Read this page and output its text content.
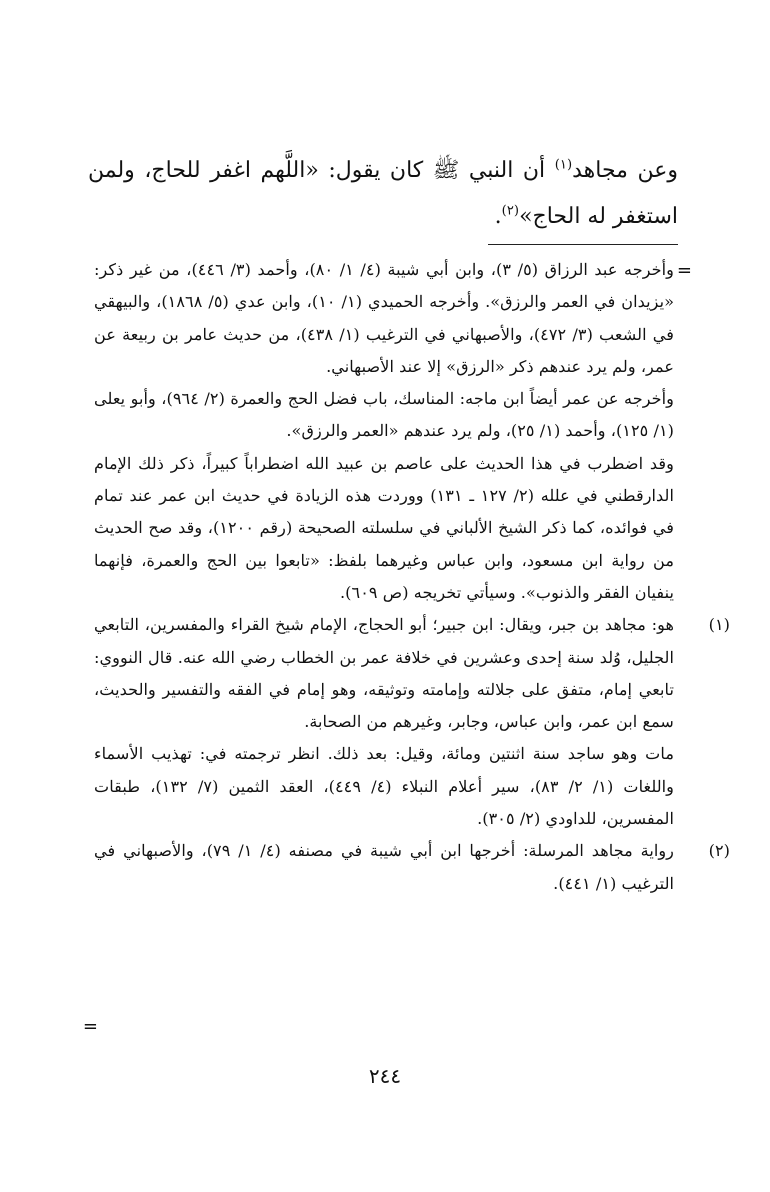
وعن مجاهد$^{(١)}$ أن النبي ﷺ كان يقول: «اللَّهم اغفر للحاج، ولمن استغفر له الحاج»$^{(٢)}$.

=

وأخرجه عبد الرزاق (٥/ ٣)، وابن أبي شيبة (٤/ ١/ ٨٠)، وأحمد (٣/ ٤٤٦)، من غير ذكر: «يزيدان في العمر والرزق». وأخرجه الحميدي (١/ ١٠)، وابن عدي (٥/ ١٨٦٨)، والبيهقي في الشعب (٣/ ٤٧٢)، والأصبهاني في الترغيب (١/ ٤٣٨)، من حديث عامر بن ربيعة عن عمر، ولم يرد عندهم ذكر «الرزق» إلا عند الأصبهاني.

وأخرجه عن عمر أيضاً ابن ماجه: المناسك، باب فضل الحج والعمرة (٢/ ٩٦٤)، وأبو يعلى (١/ ١٢٥)، وأحمد (١/ ٢٥)، ولم يرد عندهم «العمر والرزق».

وقد اضطرب في هذا الحديث على عاصم بن عبيد الله اضطراباً كبيراً، ذكر ذلك الإمام الدارقطني في علله (٢/ ١٢٧ ـ ١٣١) ووردت هذه الزيادة في حديث ابن عمر عند تمام في فوائده، كما ذكر الشيخ الألباني في سلسلته الصحيحة (رقم ١٢٠٠)، وقد صح الحديث من رواية ابن مسعود، وابن عباس وغيرهما بلفظ: «تابعوا بين الحج والعمرة، فإنهما ينفيان الفقر والذنوب». وسيأتي تخريجه (ص ٦٠٩).

(١)

هو: مجاهد بن جبر، ويقال: ابن جبير؛ أبو الحجاج، الإمام شيخ القراء والمفسرين، التابعي الجليل، وُلد سنة إحدى وعشرين في خلافة عمر بن الخطاب رضي الله عنه. قال النووي: تابعي إمام، متفق على جلالته وإمامته وتوثيقه، وهو إمام في الفقه والتفسير والحديث، سمع ابن عمر، وابن عباس، وجابر، وغيرهم من الصحابة.

مات وهو ساجد سنة اثنتين ومائة، وقيل: بعد ذلك. انظر ترجمته في: تهذيب الأسماء واللغات (١/ ٢/ ٨٣)، سير أعلام النبلاء (٤/ ٤٤٩)، العقد الثمين (٧/ ١٣٢)، طبقات المفسرين، للداودي (٢/ ٣٠٥).

(٢)

رواية مجاهد المرسلة: أخرجها ابن أبي شيبة في مصنفه (٤/ ١/ ٧٩)، والأصبهاني في الترغيب (١/ ٤٤١).

=
٢٤٤
